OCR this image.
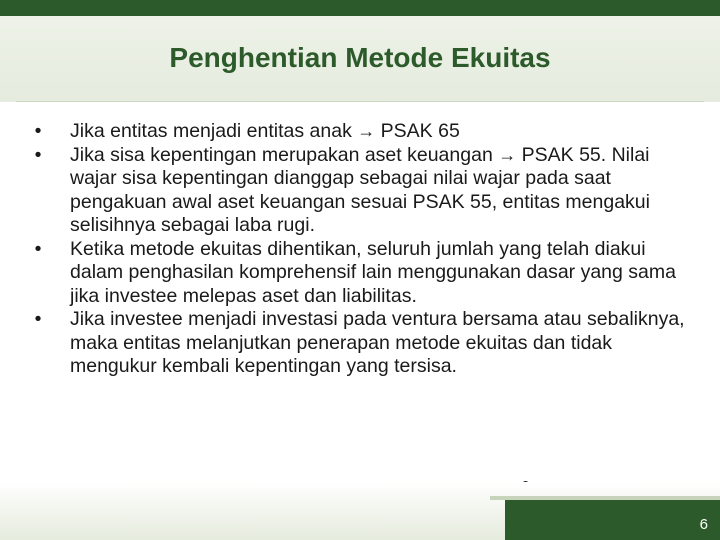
Penghentian Metode Ekuitas

• Jika entitas menjadi entitas anak → PSAK 65

• Jika sisa kepentingan merupakan aset keuangan → PSAK 55. Nilai wajar sisa kepentingan dianggap sebagai nilai wajar pada saat pengakuan awal aset keuangan sesuai PSAK 55, entitas mengakui selisihnya sebagai laba rugi.

• Ketika metode ekuitas dihentikan, seluruh jumlah yang telah diakui dalam penghasilan komprehensif lain menggunakan dasar yang sama jika investee melepas aset dan liabilitas.

• Jika investee menjadi investasi pada ventura bersama atau sebaliknya, maka entitas melanjutkan penerapan metode ekuitas dan tidak mengukur kembali kepentingan yang tersisa.

6
